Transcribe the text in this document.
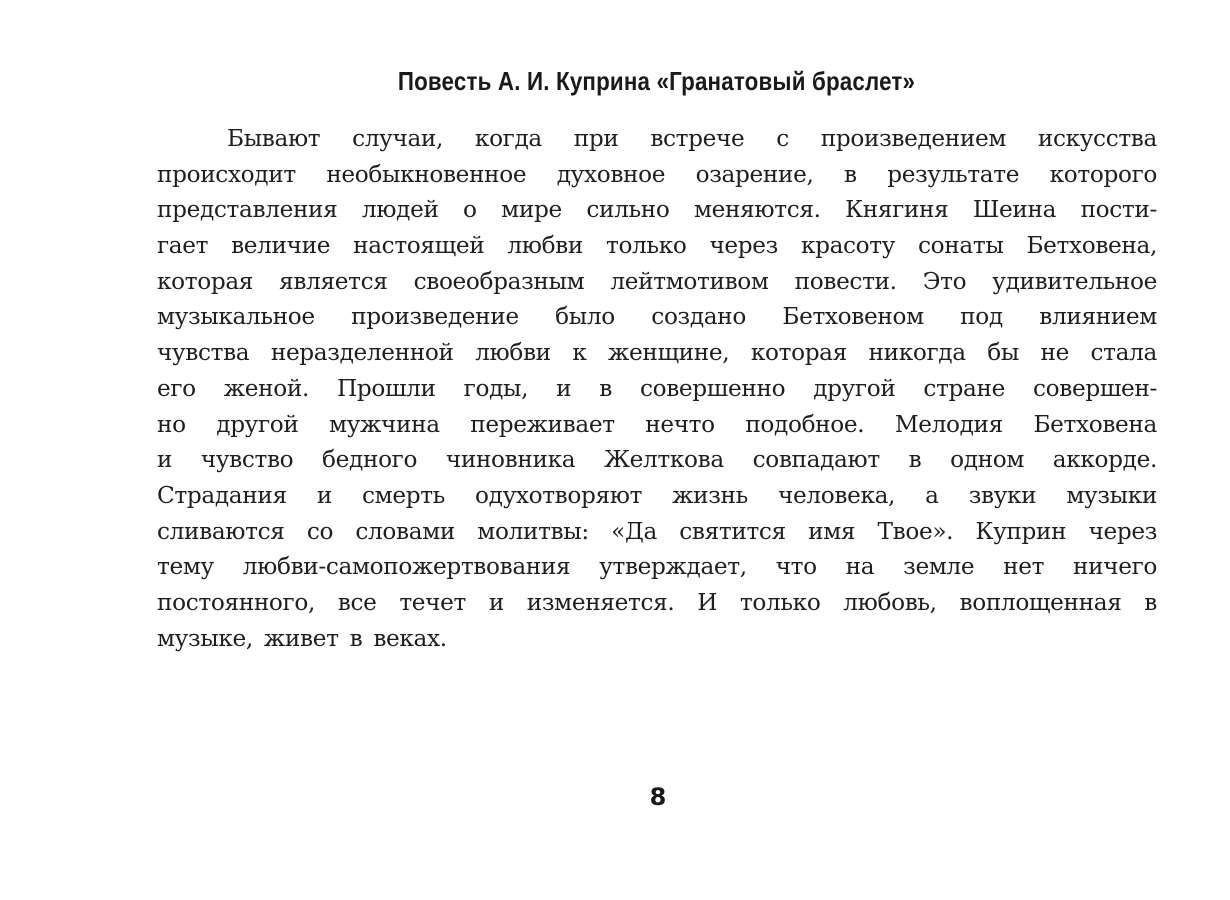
Повесть А. И. Куприна «Гранатовый браслет»
Бывают случаи, когда при встрече с произведением искусства
происходит необыкновенное духовное озарение, в результате которого
представления людей о мире сильно меняются. Княгиня Шеина пости-
гает величие настоящей любви только через красоту сонаты Бетховена,
которая является своеобразным лейтмотивом повести. Это удивительное
музыкальное произведение было создано Бетховеном под влиянием
чувства неразделенной любви к женщине, которая никогда бы не стала
его женой. Прошли годы, и в совершенно другой стране совершен-
но другой мужчина переживает нечто подобное. Мелодия Бетховена
и чувство бедного чиновника Желткова совпадают в одном аккорде.
Страдания и смерть одухотворяют жизнь человека, а звуки музыки
сливаются со словами молитвы: «Да святится имя Твое». Куприн через
тему любви-самопожертвования утверждает, что на земле нет ничего
постоянного, все течет и изменяется. И только любовь, воплощенная в
музыке, живет в веках.
8
